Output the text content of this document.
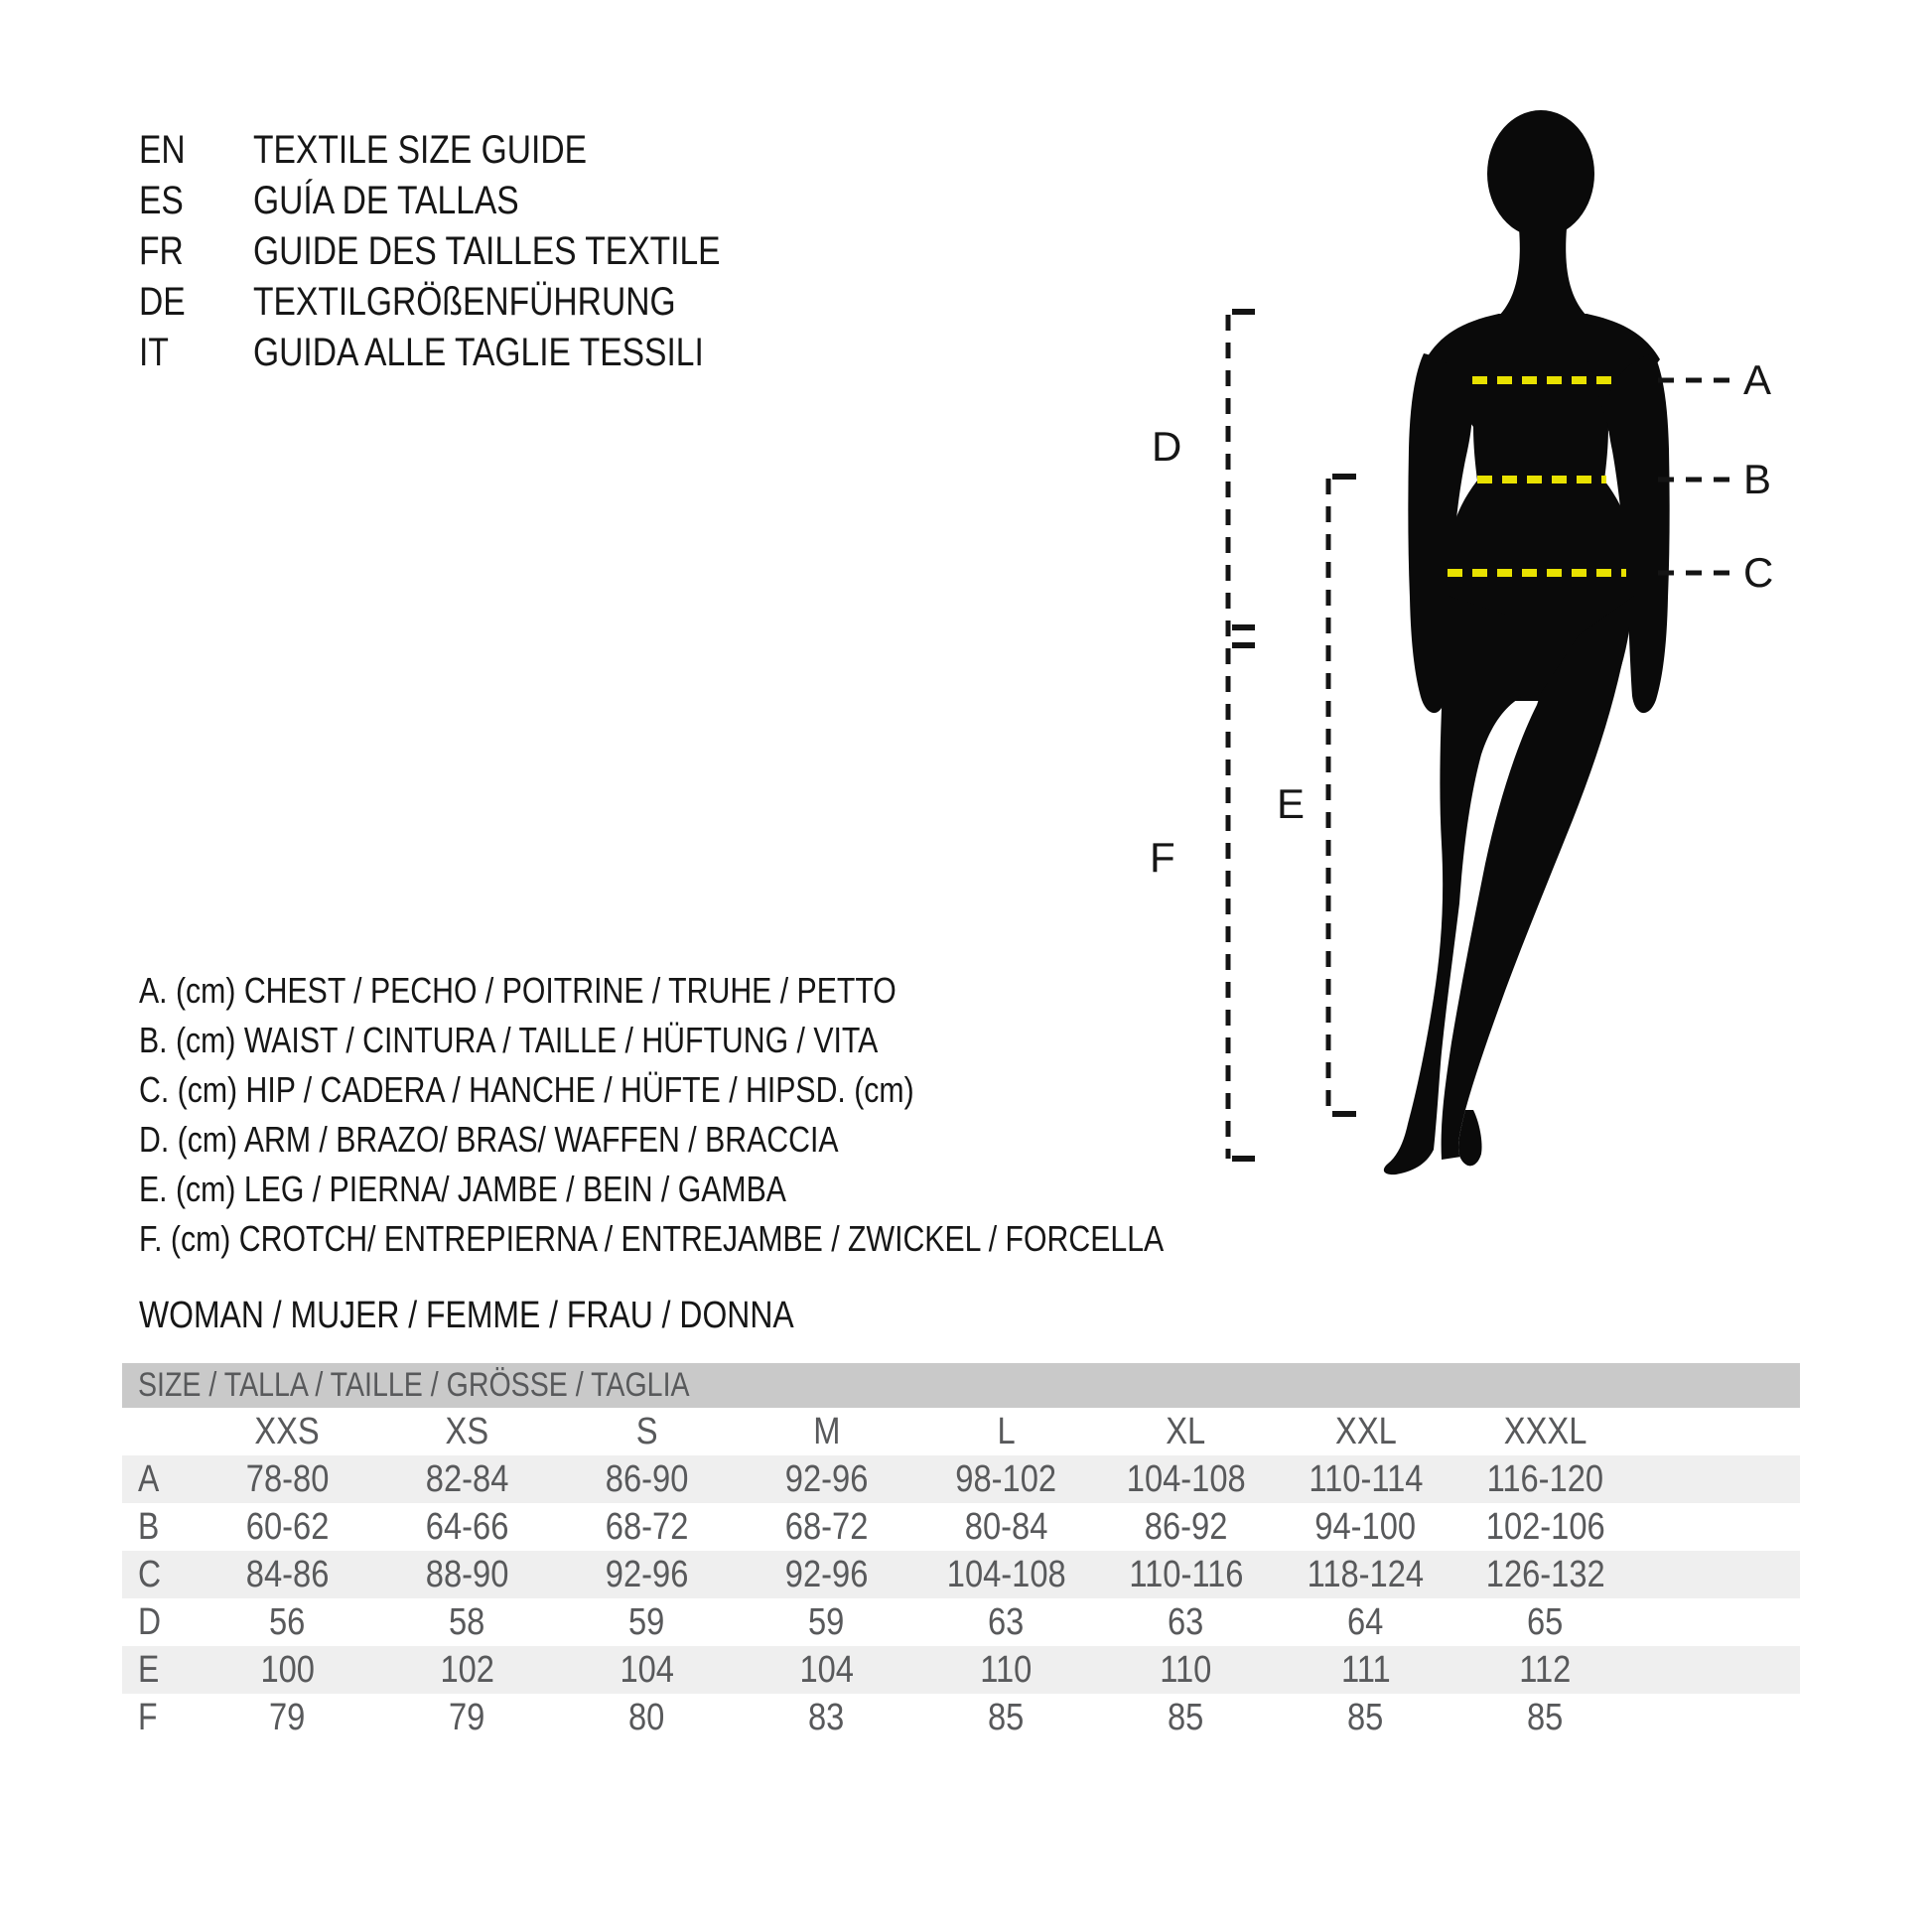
EN	TEXTILE SIZE GUIDE
ES	GUÍA DE TALLAS
FR	GUIDE DES TAILLES TEXTILE
DE	TEXTILGRÖßENFÜHRUNG
IT	GUIDA ALLE TAGLIE TESSILI
A. (cm) CHEST / PECHO / POITRINE / TRUHE / PETTO
B. (cm) WAIST / CINTURA / TAILLE / HÜFTUNG / VITA
C. (cm) HIP / CADERA / HANCHE / HÜFTE / HIPSD. (cm)
D. (cm) ARM / BRAZO/ BRAS/ WAFFEN / BRACCIA
E. (cm) LEG / PIERNA/ JAMBE / BEIN / GAMBA
F. (cm) CROTCH/ ENTREPIERNA / ENTREJAMBE / ZWICKEL / FORCELLA
WOMAN / MUJER / FEMME / FRAU / DONNA
SIZE / TALLA / TAILLE / GRÖSSE / TAGLIA
XXS	XS	S	M	L	XL	XXL	XXXL
A	78-80	82-84	86-90	92-96	98-102	104-108	110-114	116-120
B	60-62	64-66	68-72	68-72	80-84	86-92	94-100	102-106
C	84-86	88-90	92-96	92-96	104-108	110-116	118-124	126-132
D	56	58	59	59	63	63	64	65
E	100	102	104	104	110	110	111	112
F	79	79	80	83	85	85	85	85
A
B
C
D
E
F
